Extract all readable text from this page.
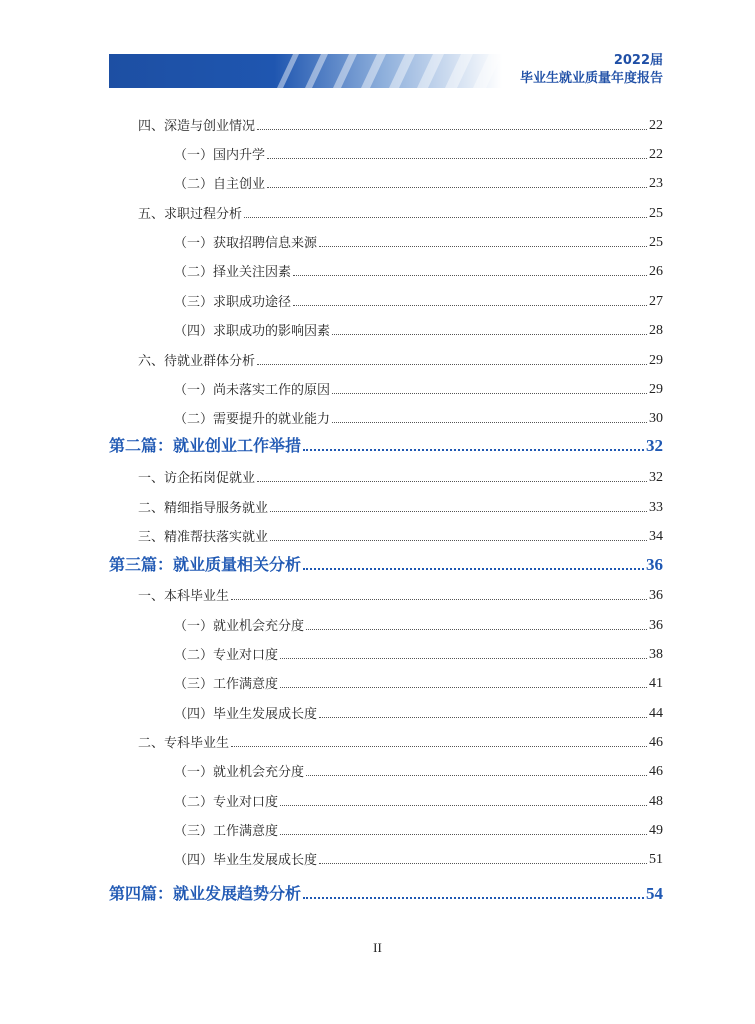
2022届
毕业生就业质量年度报告
四、深造与创业情况	22
（一）国内升学	22
（二）自主创业	23
五、求职过程分析	25
（一）获取招聘信息来源	25
（二）择业关注因素	26
（三）求职成功途径	27
（四）求职成功的影响因素	28
六、待就业群体分析	29
（一）尚未落实工作的原因	29
（二）需要提升的就业能力	30
第二篇：就业创业工作举措	32
一、访企拓岗促就业	32
二、精细指导服务就业	33
三、精准帮扶落实就业	34
第三篇：就业质量相关分析	36
一、本科毕业生	36
（一）就业机会充分度	36
（二）专业对口度	38
（三）工作满意度	41
（四）毕业生发展成长度	44
二、专科毕业生	46
（一）就业机会充分度	46
（二）专业对口度	48
（三）工作满意度	49
（四）毕业生发展成长度	51
第四篇：就业发展趋势分析	54
II
